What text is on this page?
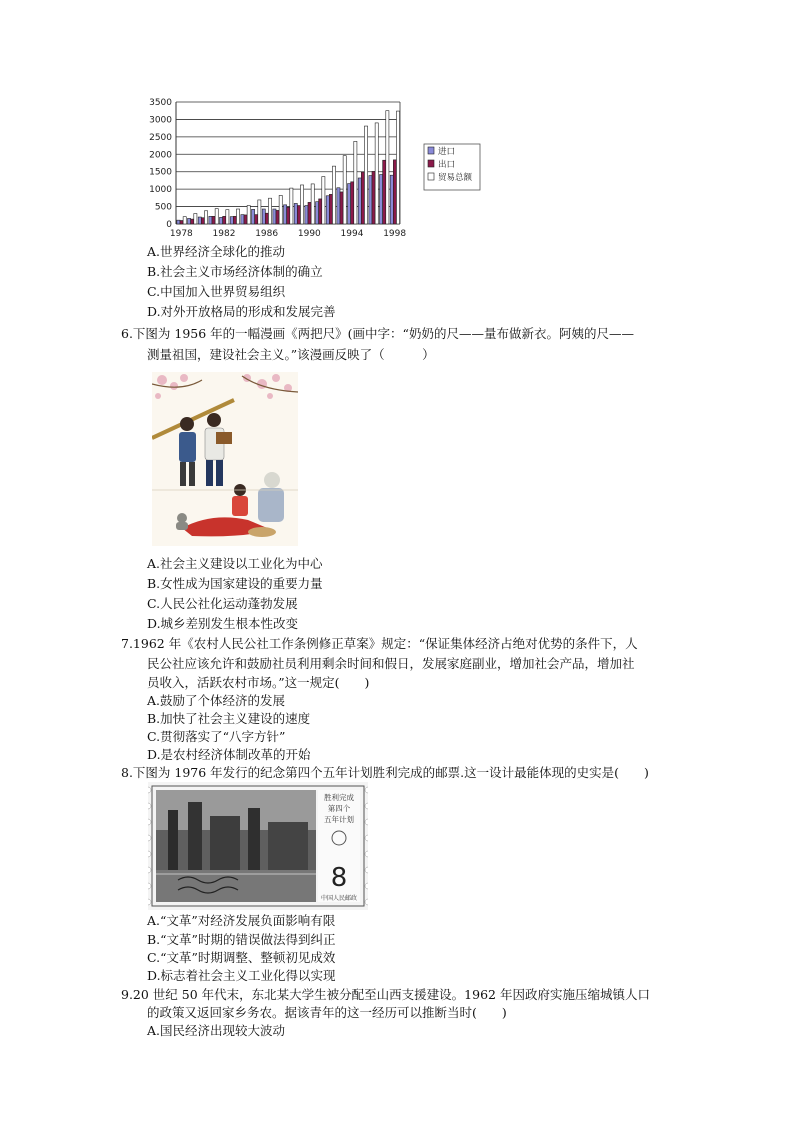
0
500
1000
1500
2000
2500
3000
3500
1978 1982 1986 1990 1994 1998
进口
出口
贸易总额
A.世界经济全球化的推动
B.社会主义市场经济体制的确立
C.中国加入世界贸易组织
D.对外开放格局的形成和发展完善
6.下图为 1956 年的一幅漫画《两把尺》(画中字：“奶奶的尺——量布做新衣。阿姨的尺——
测量祖国，建设社会主义。”该漫画反映了（　　　）
A.社会主义建设以工业化为中心
B.女性成为国家建设的重要力量
C.人民公社化运动蓬勃发展
D.城乡差别发生根本性改变
7.1962 年《农村人民公社工作条例修正草案》规定：“保证集体经济占绝对优势的条件下，人
民公社应该允许和鼓励社员利用剩余时间和假日，发展家庭副业，增加社会产品，增加社
员收入，活跃农村市场。”这一规定(　　)
A.鼓励了个体经济的发展
B.加快了社会主义建设的速度
C.贯彻落实了“八字方针”
D.是农村经济体制改革的开始
8.下图为 1976 年发行的纪念第四个五年计划胜利完成的邮票.这一设计最能体现的史实是(　　)
8
胜利完成
第四个
五年计划
中国人民邮政
A.“文革”对经济发展负面影响有限
B.“文革”时期的错误做法得到纠正
C.“文革”时期调整、整顿初见成效
D.标志着社会主义工业化得以实现
9.20 世纪 50 年代末，东北某大学生被分配至山西支援建设。1962 年因政府实施压缩城镇人口
的政策又返回家乡务农。据该青年的这一经历可以推断当时(　　)
A.国民经济出现较大波动
